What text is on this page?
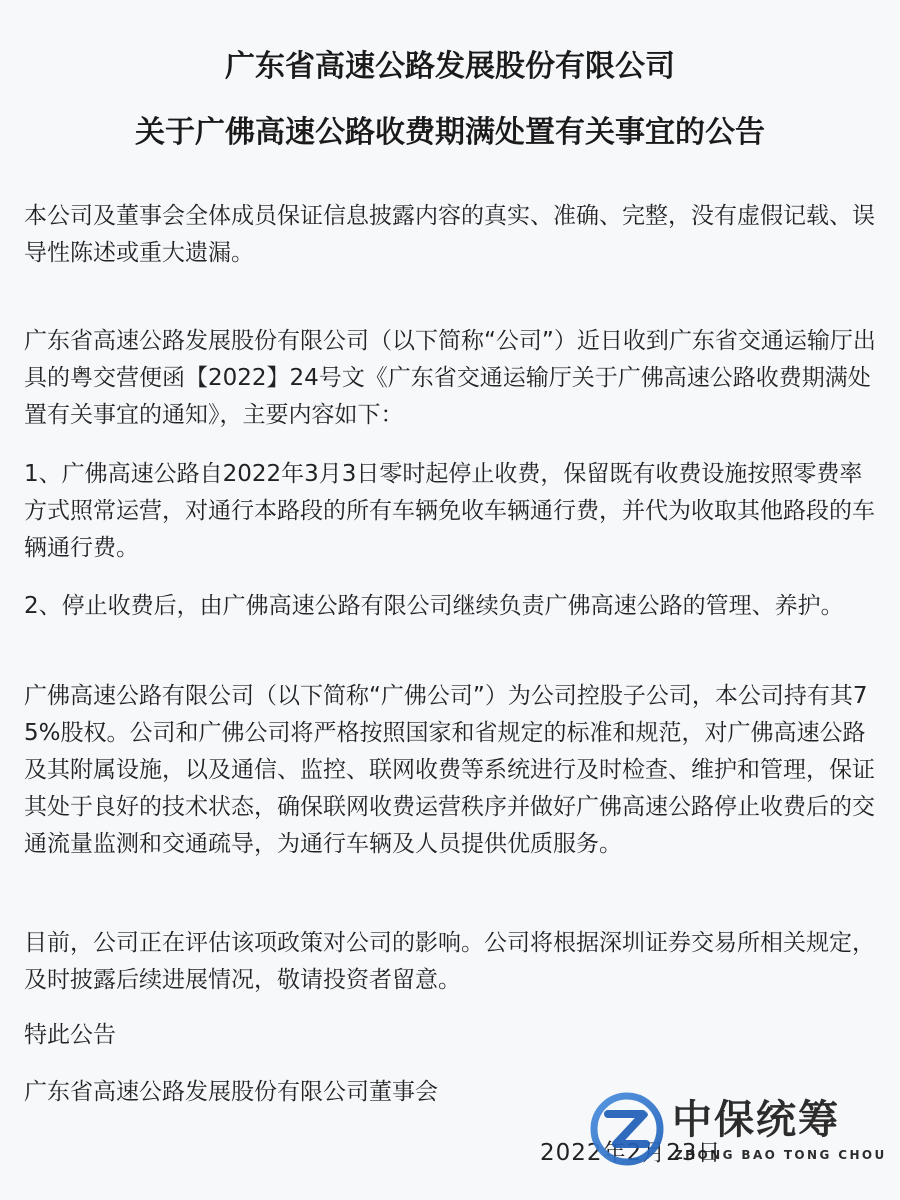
广东省高速公路发展股份有限公司
关于广佛高速公路收费期满处置有关事宜的公告

本公司及董事会全体成员保证信息披露内容的真实、准确、完整，没有虚假记载、误导性陈述或重大遗漏。

广东省高速公路发展股份有限公司（以下简称“公司”）近日收到广东省交通运输厅出具的粤交营便函【2022】24号文《广东省交通运输厅关于广佛高速公路收费期满处置有关事宜的通知》，主要内容如下：

1、广佛高速公路自2022年3月3日零时起停止收费，保留既有收费设施按照零费率方式照常运营，对通行本路段的所有车辆免收车辆通行费，并代为收取其他路段的车辆通行费。

2、停止收费后，由广佛高速公路有限公司继续负责广佛高速公路的管理、养护。

广佛高速公路有限公司（以下简称“广佛公司”）为公司控股子公司，本公司持有其75%股权。公司和广佛公司将严格按照国家和省规定的标准和规范，对广佛高速公路及其附属设施，以及通信、监控、联网收费等系统进行及时检查、维护和管理，保证其处于良好的技术状态，确保联网收费运营秩序并做好广佛高速公路停止收费后的交通流量监测和交通疏导，为通行车辆及人员提供优质服务。

目前，公司正在评估该项政策对公司的影响。公司将根据深圳证券交易所相关规定，及时披露后续进展情况，敬请投资者留意。

特此公告

广东省高速公路发展股份有限公司董事会

2022年2月23日

中保统筹
ZHONG BAO TONG CHOU
